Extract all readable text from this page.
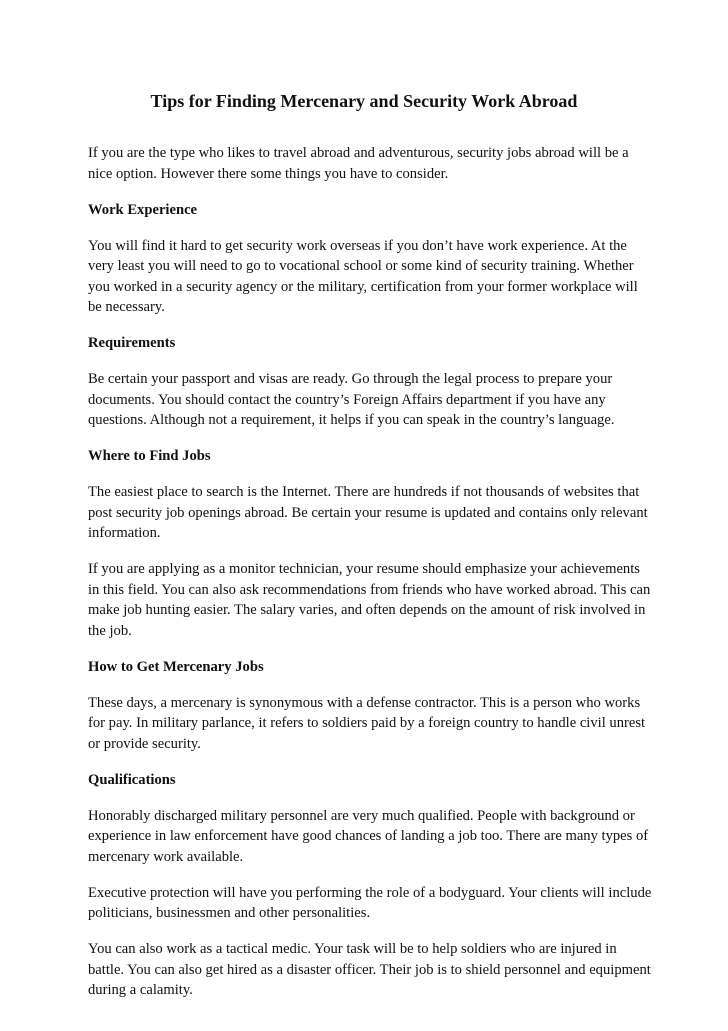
Tips for Finding Mercenary and Security Work Abroad

If you are the type who likes to travel abroad and adventurous, security jobs abroad will be a nice option. However there some things you have to consider.

Work Experience

You will find it hard to get security work overseas if you don’t have work experience. At the very least you will need to go to vocational school or some kind of security training. Whether you worked in a security agency or the military, certification from your former workplace will be necessary.

Requirements

Be certain your passport and visas are ready. Go through the legal process to prepare your documents. You should contact the country’s Foreign Affairs department if you have any questions. Although not a requirement, it helps if you can speak in the country’s language.

Where to Find Jobs

The easiest place to search is the Internet. There are hundreds if not thousands of websites that post security job openings abroad. Be certain your resume is updated and contains only relevant information.

If you are applying as a monitor technician, your resume should emphasize your achievements in this field. You can also ask recommendations from friends who have worked abroad. This can make job hunting easier. The salary varies, and often depends on the amount of risk involved in the job.

How to Get Mercenary Jobs

These days, a mercenary is synonymous with a defense contractor. This is a person who works for pay. In military parlance, it refers to soldiers paid by a foreign country to handle civil unrest or provide security.

Qualifications

Honorably discharged military personnel are very much qualified. People with background or experience in law enforcement have good chances of landing a job too. There are many types of mercenary work available.

Executive protection will have you performing the role of a bodyguard. Your clients will include politicians, businessmen and other personalities.

You can also work as a tactical medic. Your task will be to help soldiers who are injured in battle. You can also get hired as a disaster officer. Their job is to shield personnel and equipment during a calamity.
